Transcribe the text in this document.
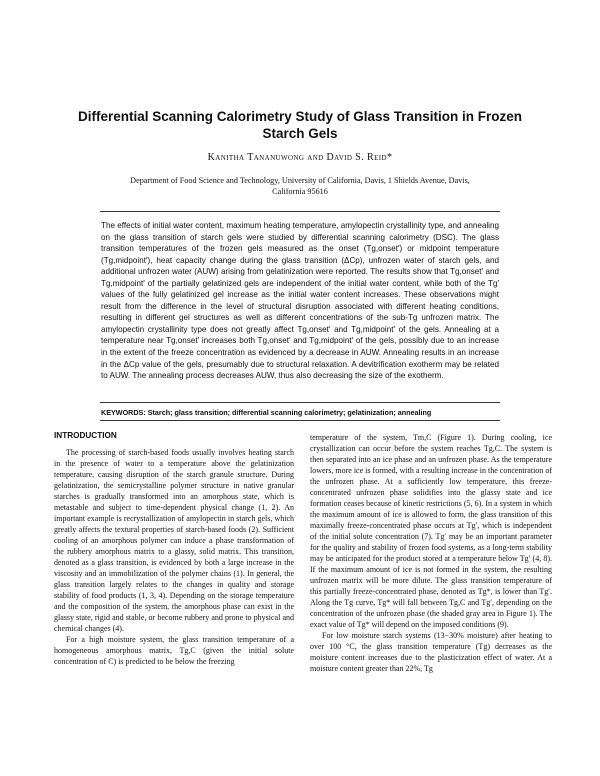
Differential Scanning Calorimetry Study of Glass Transition in Frozen Starch Gels
Kanitha Tananuwong and David S. Reid*
Department of Food Science and Technology, University of California, Davis, 1 Shields Avenue, Davis, California 95616

The effects of initial water content, maximum heating temperature, amylopectin crystallinity type, and annealing on the glass transition of starch gels were studied by differential scanning calorimetry (DSC). The glass transition temperatures of the frozen gels measured as the onset (Tg,onset′) or midpoint temperature (Tg,midpoint′), heat capacity change during the glass transition (ΔCp), unfrozen water of starch gels, and additional unfrozen water (AUW) arising from gelatinization were reported. The results show that Tg,onset′ and Tg,midpoint′ of the partially gelatinized gels are independent of the initial water content, while both of the Tg′ values of the fully gelatinized gel increase as the initial water content increases. These observations might result from the difference in the level of structural disruption associated with different heating conditions, resulting in different gel structures as well as different concentrations of the sub-Tg unfrozen matrix. The amylopectin crystallinity type does not greatly affect Tg,onset′ and Tg,midpoint′ of the gels. Annealing at a temperature near Tg,onset′ increases both Tg,onset′ and Tg,midpoint′ of the gels, possibly due to an increase in the extent of the freeze concentration as evidenced by a decrease in AUW. Annealing results in an increase in the ΔCp value of the gels, presumably due to structural relaxation. A devitrification exotherm may be related to AUW. The annealing process decreases AUW, thus also decreasing the size of the exotherm.

KEYWORDS: Starch; glass transition; differential scanning calorimetry; gelatinization; annealing

INTRODUCTION

The processing of starch-based foods usually involves heating starch in the presence of water to a temperature above the gelatinization temperature, causing disruption of the starch granule structure. During gelatinization, the semicrystalline polymer structure in native granular starches is gradually transformed into an amorphous state, which is metastable and subject to time-dependent physical change (1, 2). An important example is recrystallization of amylopectin in starch gels, which greatly affects the textural properties of starch-based foods (2). Sufficient cooling of an amorphous polymer can induce a phase transformation of the rubbery amorphous matrix to a glassy, solid matrix. This transition, denoted as a glass transition, is evidenced by both a large increase in the viscosity and an immobilization of the polymer chains (1). In general, the glass transition largely relates to the changes in quality and storage stability of food products (1, 3, 4). Depending on the storage temperature and the composition of the system, the amorphous phase can exist in the glassy state, rigid and stable, or become rubbery and prone to physical and chemical changes (4).

For a high moisture system, the glass transition temperature of a homogeneous amorphous matrix, Tg,C (given the initial solute concentration of C) is predicted to be below the freezing

temperature of the system, Tm,C (Figure 1). During cooling, ice crystallization can occur before the system reaches Tg,C. The system is then separated into an ice phase and an unfrozen phase. As the temperature lowers, more ice is formed, with a resulting increase in the concentration of the unfrozen phase. At a sufficiently low temperature, this freeze-concentrated unfrozen phase solidifies into the glassy state and ice formation ceases because of kinetic restrictions (5, 6). In a system in which the maximum amount of ice is allowed to form, the glass transition of this maximally freeze-concentrated phase occurs at Tg′, which is independent of the initial solute concentration (7). Tg′ may be an important parameter for the quality and stability of frozen food systems, as a long-term stability may be anticipated for the product stored at a temperature below Tg′ (4, 8). If the maximum amount of ice is not formed in the system, the resulting unfrozen matrix will be more dilute. The glass transition temperature of this partially freeze-concentrated phase, denoted as Tg*, is lower than Tg′. Along the Tg curve, Tg* will fall between Tg,C and Tg′, depending on the concentration of the unfrozen phase (the shaded gray area in Figure 1). The exact value of Tg* will depend on the imposed conditions (9).

For low moisture starch systems (13−30% moisture) after heating to over 100 °C, the glass transition temperature (Tg) decreases as the moisture content increases due to the plasticization effect of water. At a moisture content greater than 22%, Tg
